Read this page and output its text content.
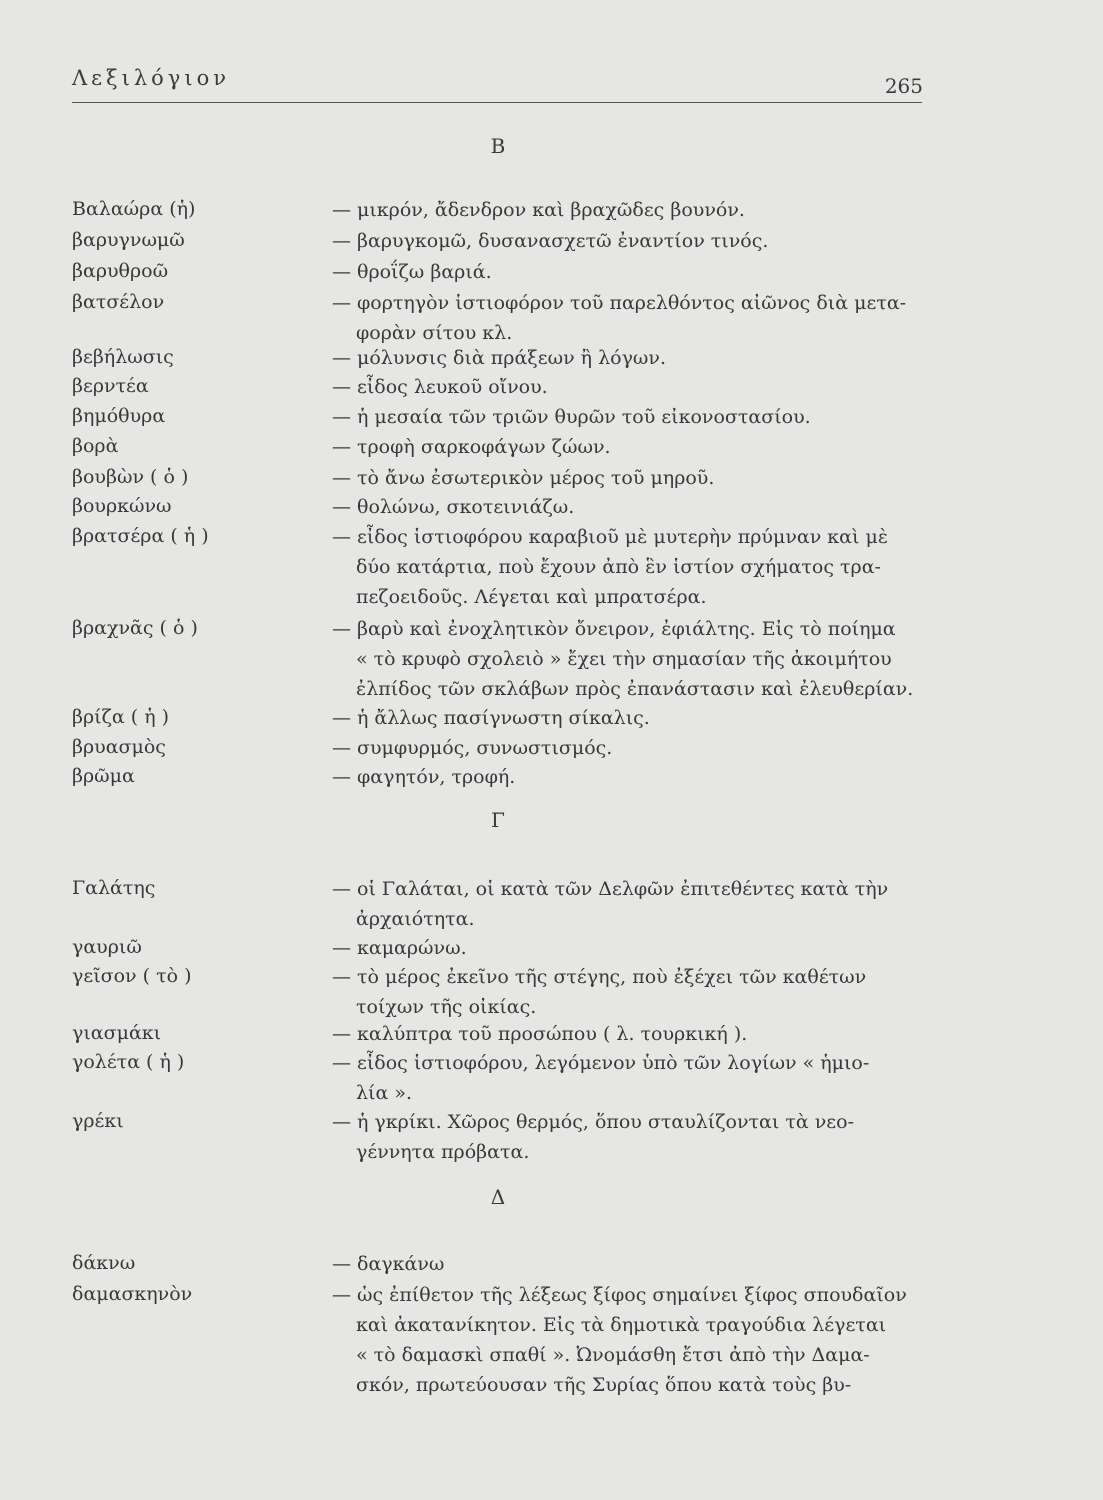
Λεξιλόγιον	265
Β
Βαλαώρα (ἡ)	— μικρόν, ἄδενδρον καὶ βραχῶδες βουνόν.
βαρυγνωμῶ	— βαρυγκομῶ, δυσανασχετῶ ἐναντίον τινός.
βαρυθροῶ	— θροΐζω βαριά.
βατσέλον	— φορτηγὸν ἱστιοφόρον τοῦ παρελθόντος αἰῶνος διὰ μετα-
φορὰν σίτου κλ.
βεβήλωσις	— μόλυνσις διὰ πράξεων ἢ λόγων.
βερντέα	— εἶδος λευκοῦ οἴνου.
βημόθυρα	— ἡ μεσαία τῶν τριῶν θυρῶν τοῦ εἰκονοστασίου.
βορὰ	— τροφὴ σαρκοφάγων ζώων.
βουβὼν ( ὁ )	— τὸ ἄνω ἐσωτερικὸν μέρος τοῦ μηροῦ.
βουρκώνω	— θολώνω, σκοτεινιάζω.
βρατσέρα ( ἡ )	— εἶδος ἱστιοφόρου καραβιοῦ μὲ μυτερὴν πρύμναν καὶ μὲ
δύο κατάρτια, ποὺ ἔχουν ἀπὸ ἓν ἱστίον σχήματος τρα-
πεζοειδοῦς. Λέγεται καὶ μπρατσέρα.
βραχνᾶς ( ὁ )	— βαρὺ καὶ ἐνοχλητικὸν ὄνειρον, ἐφιάλτης. Εἰς τὸ ποίημα
« τὸ κρυφὸ σχολειὸ » ἔχει τὴν σημασίαν τῆς ἀκοιμήτου
ἐλπίδος τῶν σκλάβων πρὸς ἐπανάστασιν καὶ ἐλευθερίαν.
βρίζα ( ἡ )	— ἡ ἄλλως πασίγνωστη σίκαλις.
βρυασμὸς	— συμφυρμός, συνωστισμός.
βρῶμα	— φαγητόν, τροφή.
Γ
Γαλάτης	— οἱ Γαλάται, οἱ κατὰ τῶν Δελφῶν ἐπιτεθέντες κατὰ τὴν
ἀρχαιότητα.
γαυριῶ	— καμαρώνω.
γεῖσον ( τὸ )	— τὸ μέρος ἐκεῖνο τῆς στέγης, ποὺ ἐξέχει τῶν καθέτων
τοίχων τῆς οἰκίας.
γιασμάκι	— καλύπτρα τοῦ προσώπου ( λ. τουρκική ).
γολέτα ( ἡ )	— εἶδος ἱστιοφόρου, λεγόμενον ὑπὸ τῶν λογίων « ἡμιο-
λία ».
γρέκι	— ἡ γκρίκι. Χῶρος θερμός, ὅπου σταυλίζονται τὰ νεο-
γέννητα πρόβατα.
Δ
δάκνω	— δαγκάνω
δαμασκηνὸν	— ὡς ἐπίθετον τῆς λέξεως ξίφος σημαίνει ξίφος σπουδαῖον
καὶ ἀκατανίκητον. Εἰς τὰ δημοτικὰ τραγούδια λέγεται
« τὸ δαμασκὶ σπαθί ». Ὠνομάσθη ἔτσι ἀπὸ τὴν Δαμα-
σκόν, πρωτεύουσαν τῆς Συρίας ὅπου κατὰ τοὺς βυ-
